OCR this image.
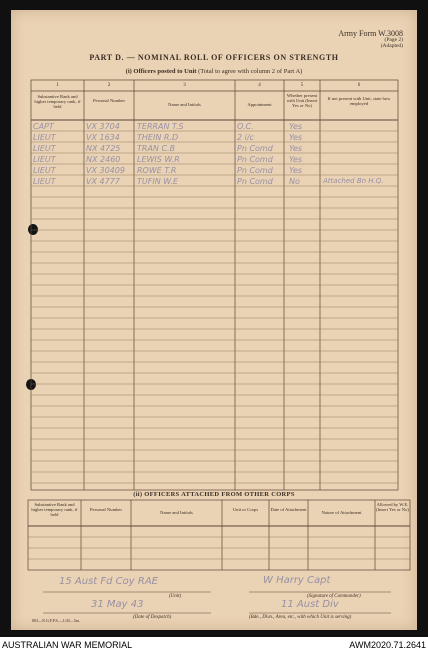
Army Form W.3008
(Page 2)
(Adapted)
PART D. — NOMINAL ROLL OF OFFICERS ON STRENGTH
(i) Officers posted to Unit (Total to agree with column 2 of Part A)
1	2	3	4	5	6
Substantive Rank and higher temporary rank, if held
Personal Number
Name and Initials	Appointment
Whether present with Unit (Insert Yes or No)
If not present with Unit, state how employed
CAPT	VX 3704 TERRAN T.S	O.C.	Yes
LIEUT	VX 1634 THEIN R.D	2 i/c	Yes
LIEUT	NX 4725 TRAN C.B	Pn Comd Yes
LIEUT	NX 2460 LEWIS W.R	Pn Comd Yes
LIEUT	VX 30409 ROWE T.R	Pn Comd Yes
LIEUT	VX 4777 TUFIN W.E	Pn Comd No	Attached Bn H.Q.
(ii) OFFICERS ATTACHED FROM OTHER CORPS
Substantive Rank and higher temporary rank, if held
Personal Number
Name and Initials
Unit or Corps	Date of Attachment
Nature of Attachment
Allowed by W.E. (Insert Yes or No)
15 Aust Fd Coy RAE
(Unit)
W Harry Capt
(Signature of Commander)
31 May 43
(Date of Despatch)
11 Aust Div
(Bde., Divn., Area, etc., with which Unit is serving)
803—N.G.F.P.S.—1/43—5m.
AUSTRALIAN WAR MEMORIAL	AWM2020.71.2641
